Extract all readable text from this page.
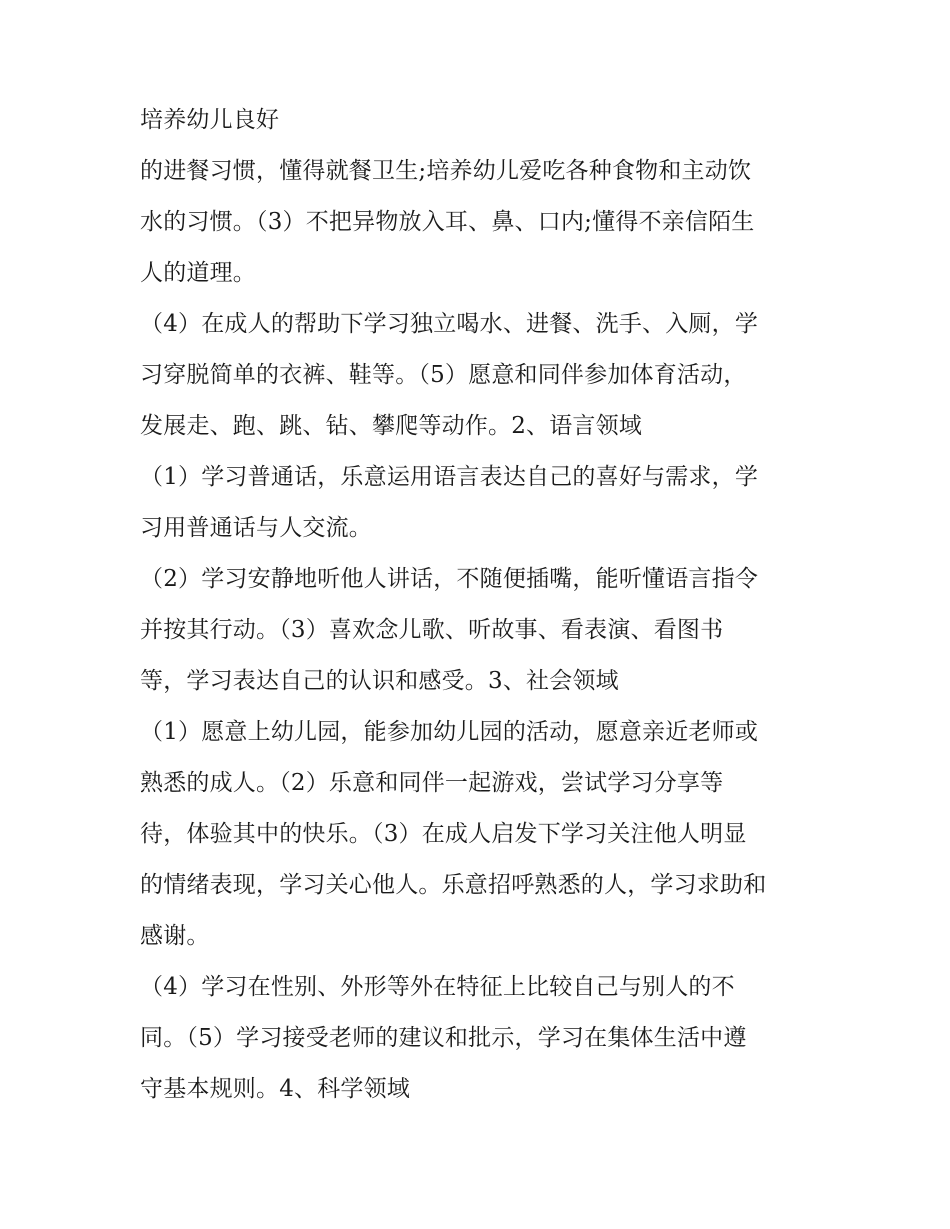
培养幼儿良好
的进餐习惯，懂得就餐卫生;培养幼儿爱吃各种食物和主动饮
水的习惯。（3）不把异物放入耳、鼻、口内;懂得不亲信陌生
人的道理。
（4）在成人的帮助下学习独立喝水、进餐、洗手、入厕，学
习穿脱简单的衣裤、鞋等。（5）愿意和同伴参加体育活动，
发展走、跑、跳、钻、攀爬等动作。2、语言领域
（1）学习普通话，乐意运用语言表达自己的喜好与需求，学
习用普通话与人交流。
（2）学习安静地听他人讲话，不随便插嘴，能听懂语言指令
并按其行动。（3）喜欢念儿歌、听故事、看表演、看图书
等，学习表达自己的认识和感受。3、社会领域
（1）愿意上幼儿园，能参加幼儿园的活动，愿意亲近老师或
熟悉的成人。（2）乐意和同伴一起游戏，尝试学习分享等
待，体验其中的快乐。（3）在成人启发下学习关注他人明显
的情绪表现，学习关心他人。乐意招呼熟悉的人，学习求助和
感谢。
（4）学习在性别、外形等外在特征上比较自己与别人的不
同。（5）学习接受老师的建议和批示，学习在集体生活中遵
守基本规则。4、科学领域
